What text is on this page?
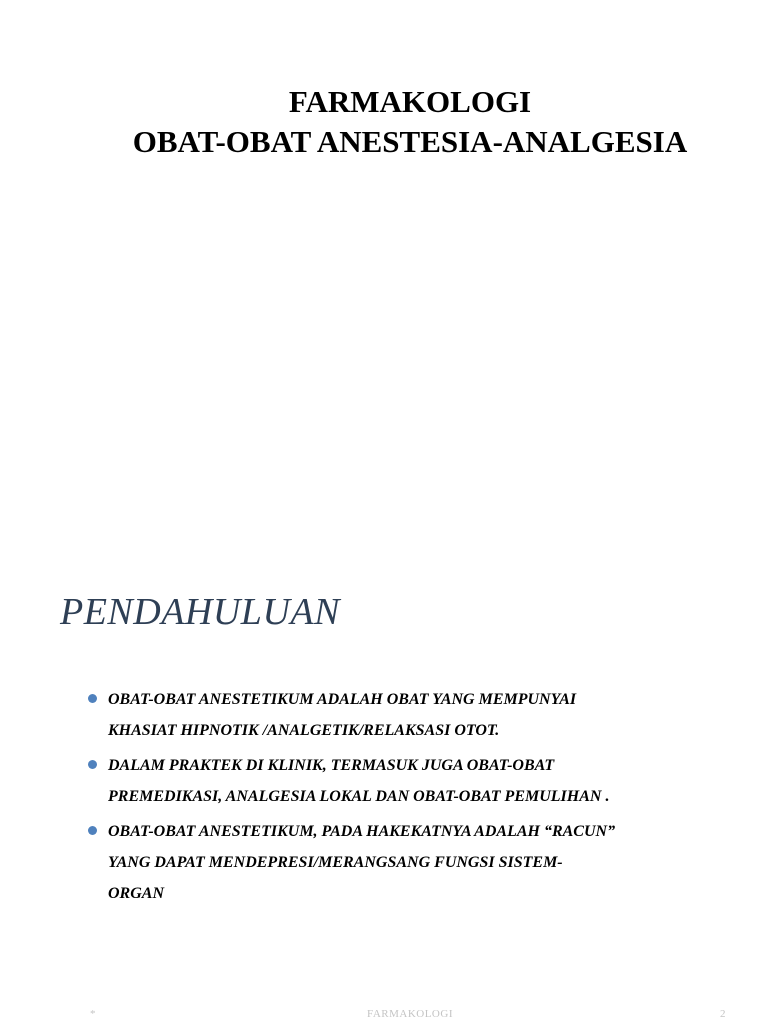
FARMAKOLOGI
OBAT-OBAT ANESTESIA-ANALGESIA
PENDAHULUAN
OBAT-OBAT ANESTETIKUM ADALAH OBAT YANG MEMPUNYAI
KHASIAT HIPNOTIK /ANALGETIK/RELAKSASI OTOT.
DALAM PRAKTEK DI KLINIK, TERMASUK JUGA OBAT-OBAT
PREMEDIKASI, ANALGESIA LOKAL DAN OBAT-OBAT PEMULIHAN .
OBAT-OBAT ANESTETIKUM, PADA HAKEKATNYA ADALAH “RACUN”
YANG DAPAT MENDEPRESI/MERANGSANG FUNGSI SISTEM-
ORGAN
*	FARMAKOLOGI	2
